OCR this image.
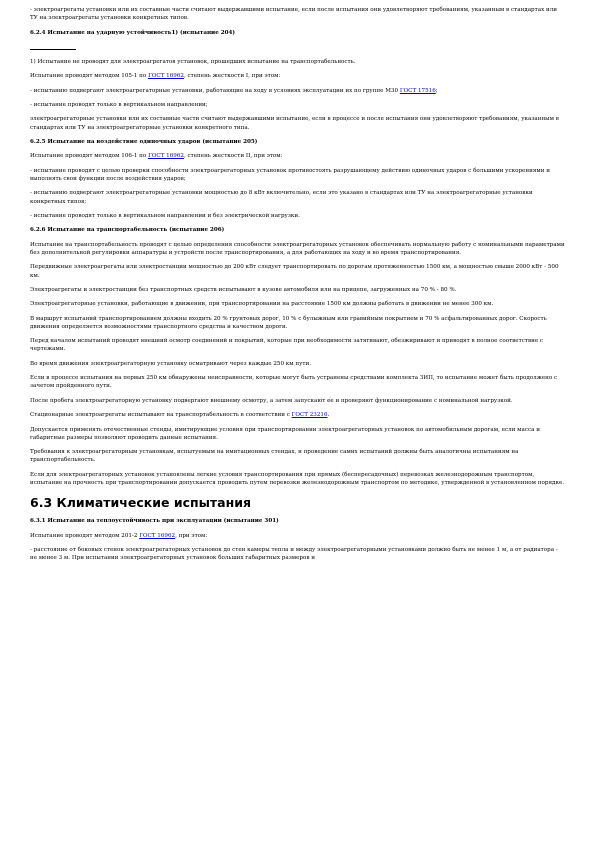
- электроагрегаты установки или их составные части считают выдержавшими испытание, если после испытания они удовлетворяют требованиям, указанным в стандартах или ТУ на электроагрегаты установки конкретных типов.

6.2.4 Испытание на ударную устойчивость1) (испытание 204)

1) Испытание не проводят для электроагрегатов установок, прошедших испытание на транспортабельность.

Испытание проводят методом 105-1 по ГОСТ 16962, степень жесткости I, при этом:

- испытанию подвергают электроагрегаторные установки, работающие на ходу в условиях эксплуатации их по группе М30 ГОСТ 17516;

- испытание проводят только в вертикальном направлении;

электроагрегаторные установки или их составные части считают выдержавшими испытание, если в процессе и после испытания они удовлетворяют требованиям, указанным в стандартах или ТУ на электроагрегаторные установки конкретного типа.

6.2.5 Испытание на воздействие одиночных ударов (испытание 205)

Испытание проводят методом 106-1 по ГОСТ 16962, степень жесткости II, при этом:

- испытание проводят с целью проверки способности электроагрегаторных установок противостоять разрушающему действию одиночных ударов с большими ускорениями и выполнять свои функции после воздействия ударов;

- испытанию подвергают электроагрегаторные установки мощностью до 8 кВт включительно, если это указано в стандартах или ТУ на электроагрегаторные установки конкретных типов;

- испытание проводят только в вертикальном направлении и без электрической нагрузки.

6.2.6 Испытание на транспортабельность (испытание 206)

Испытание на транспортабельность проводят с целью определения способности электроагрегаторных установок обеспечивать нормальную работу с номинальными параметрами без дополнительной регулировки аппаратуры и устройств после транспортирования, а для работающих на ходу и во время транспортирования.

Передвижные электроагрегаты или электростанции мощностью до 200 кВт следует транспортировать по дорогам протяженностью 1500 км, а мощностью свыше 2000 кВт - 500 км.

Электроагрегаты и электростанции без транспортных средств испытывают в кузове автомобиля или на прицепе, загруженных на 70 % - 80 %.

Электроагрегаторные установки, работающие в движении, при транспортировании на расстояние 1500 км должны работать в движении не менее 300 км.

В маршрут испытаний транспортированием должны входить 20 % грунтовых дорог, 10 % с булыжным или гравийным покрытием и 70 % асфальтированных дорог. Скорость движения определяется возможностями транспортного средства и качеством дороги.

Перед началом испытаний проводят внешний осмотр соединений и покрытий, которые при необходимости затягивают, обезжиривают и приводят в полное соответствие с чертежами.

Во время движения электроагрегаторную установку осматривают через каждые 250 км пути.

Если в процессе испытания на первых 250 км обнаружены неисправности, которые могут быть устранены средствами комплекта ЗИП, то испытание может быть продолжено с зачетом пройденного пути.

После пробега электроагрегаторную установку подвергают внешнему осмотру, а затем запускают ее и проверяют функционирование с номинальной нагрузкой.

Стационарные электроагрегаты испытывают на транспортабельность в соответствии с ГОСТ 23216.

Допускается применять отечественные стенды, имитирующие условия при транспортировании электроагрегаторных установок по автомобильным дорогам, если масса и габаритные размеры позволяют проводить данные испытания.

Требования к электроагрегаторным установкам, испытуемым на имитационных стендах, и проведение самих испытаний должны быть аналогичны испытаниям на транспортабельность.

Если для электроагрегаторных установок установлены легкие условия транспортирования при прямых (беспересадочных) перевозках железнодорожным транспортом, испытание на прочность при транспортировании допускается проводить путем перевозки железнодорожным транспортом по методике, утвержденной в установленном порядке.

6.3 Климатические испытания

6.3.1 Испытание на теплоустойчивость при эксплуатации (испытание 301)

Испытание проводят методом 201-2 ГОСТ 16962, при этом:

- расстояние от боковых стенок электроагрегаторных установок до стен камеры тепла и между электроагрегаторными установками должно быть не менее 1 м, а от радиатора - не менее 3 м. При испытании электроагрегаторных установок больших габаритных размеров и
